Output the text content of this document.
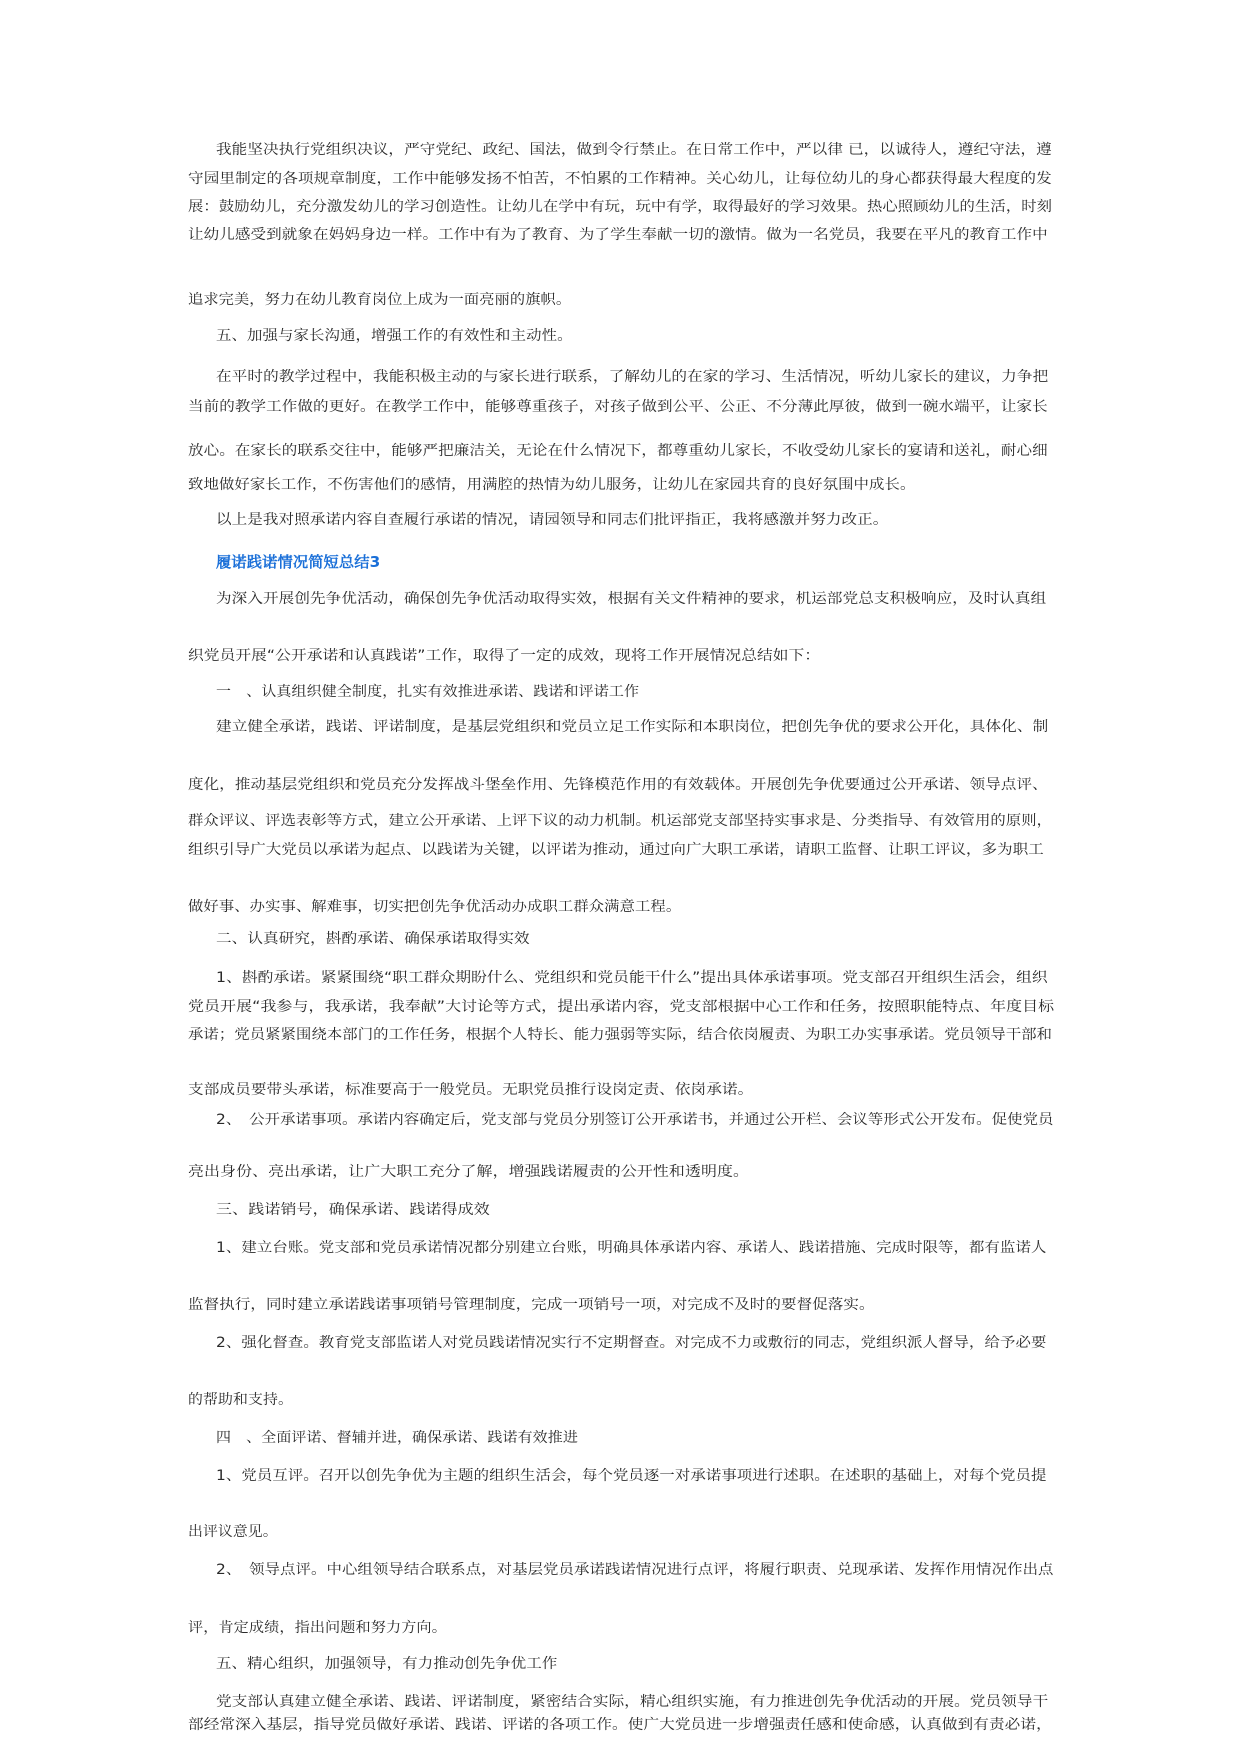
我能坚决执行党组织决议，严守党纪、政纪、国法，做到令行禁止。在日常工作中，严以律 已，以诚待人，遵纪守法，遵
守园里制定的各项规章制度，工作中能够发扬不怕苦，不怕累的工作精神。关心幼儿，让每位幼儿的身心都获得最大程度的发
展：鼓励幼儿，充分激发幼儿的学习创造性。让幼儿在学中有玩，玩中有学，取得最好的学习效果。热心照顾幼儿的生活，时刻
让幼儿感受到就象在妈妈身边一样。工作中有为了教育、为了学生奉献一切的激情。做为一名党员，我要在平凡的教育工作中
追求完美，努力在幼儿教育岗位上成为一面亮丽的旗帜。
五、加强与家长沟通，增强工作的有效性和主动性。
在平时的教学过程中，我能积极主动的与家长进行联系，了解幼儿的在家的学习、生活情况，听幼儿家长的建议，力争把
当前的教学工作做的更好。在教学工作中，能够尊重孩子，对孩子做到公平、公正、不分薄此厚彼，做到一碗水端平，让家长
放心。在家长的联系交往中，能够严把廉洁关，无论在什么情况下，都尊重幼儿家长，不收受幼儿家长的宴请和送礼，耐心细
致地做好家长工作，不伤害他们的感情，用满腔的热情为幼儿服务，让幼儿在家园共育的良好氛围中成长。
以上是我对照承诺内容自查履行承诺的情况，请园领导和同志们批评指正，我将感激并努力改正。
履诺践诺情况简短总结3
为深入开展创先争优活动，确保创先争优活动取得实效，根据有关文件精神的要求，机运部党总支积极响应，及时认真组
织党员开展“公开承诺和认真践诺”工作，取得了一定的成效，现将工作开展情况总结如下：
一　、认真组织健全制度，扎实有效推进承诺、践诺和评诺工作
建立健全承诺，践诺、评诺制度，是基层党组织和党员立足工作实际和本职岗位，把创先争优的要求公开化，具体化、制
度化，推动基层党组织和党员充分发挥战斗堡垒作用、先锋模范作用的有效载体。开展创先争优要通过公开承诺、领导点评、
群众评议、评选表彰等方式，建立公开承诺、上评下议的动力机制。机运部党支部坚持实事求是、分类指导、有效管用的原则，
组织引导广大党员以承诺为起点、以践诺为关键，以评诺为推动，通过向广大职工承诺，请职工监督、让职工评议，多为职工
做好事、办实事、解难事，切实把创先争优活动办成职工群众满意工程。
二、认真研究，斟酌承诺、确保承诺取得实效
1、斟酌承诺。紧紧围绕“职工群众期盼什么、党组织和党员能干什么”提出具体承诺事项。党支部召开组织生活会，组织
党员开展“我参与，我承诺，我奉献”大讨论等方式，提出承诺内容，党支部根据中心工作和任务，按照职能特点、年度目标
承诺；党员紧紧围绕本部门的工作任务，根据个人特长、能力强弱等实际，结合依岗履责、为职工办实事承诺。党员领导干部和
支部成员要带头承诺，标准要高于一般党员。无职党员推行设岗定责、依岗承诺。
2、　公开承诺事项。承诺内容确定后，党支部与党员分别签订公开承诺书，并通过公开栏、会议等形式公开发布。促使党员
亮出身份、亮出承诺，让广大职工充分了解，增强践诺履责的公开性和透明度。
三、践诺销号，确保承诺、践诺得成效
1、建立台账。党支部和党员承诺情况都分别建立台账，明确具体承诺内容、承诺人、践诺措施、完成时限等，都有监诺人
监督执行，同时建立承诺践诺事项销号管理制度，完成一项销号一项，对完成不及时的要督促落实。
2、强化督查。教育党支部监诺人对党员践诺情况实行不定期督查。对完成不力或敷衍的同志，党组织派人督导，给予必要
的帮助和支持。
四　、全面评诺、督辅并进，确保承诺、践诺有效推进
1、党员互评。召开以创先争优为主题的组织生活会，每个党员逐一对承诺事项进行述职。在述职的基础上，对每个党员提
出评议意见。
2、　领导点评。中心组领导结合联系点，对基层党员承诺践诺情况进行点评，将履行职责、兑现承诺、发挥作用情况作出点
评，肯定成绩，指出问题和努力方向。
五、精心组织，加强领导，有力推动创先争优工作
党支部认真建立健全承诺、践诺、评诺制度，紧密结合实际，精心组织实施，有力推进创先争优活动的开展。党员领导干
部经常深入基层，指导党员做好承诺、践诺、评诺的各项工作。使广大党员进一步增强责任感和使命感，认真做到有责必诺，
